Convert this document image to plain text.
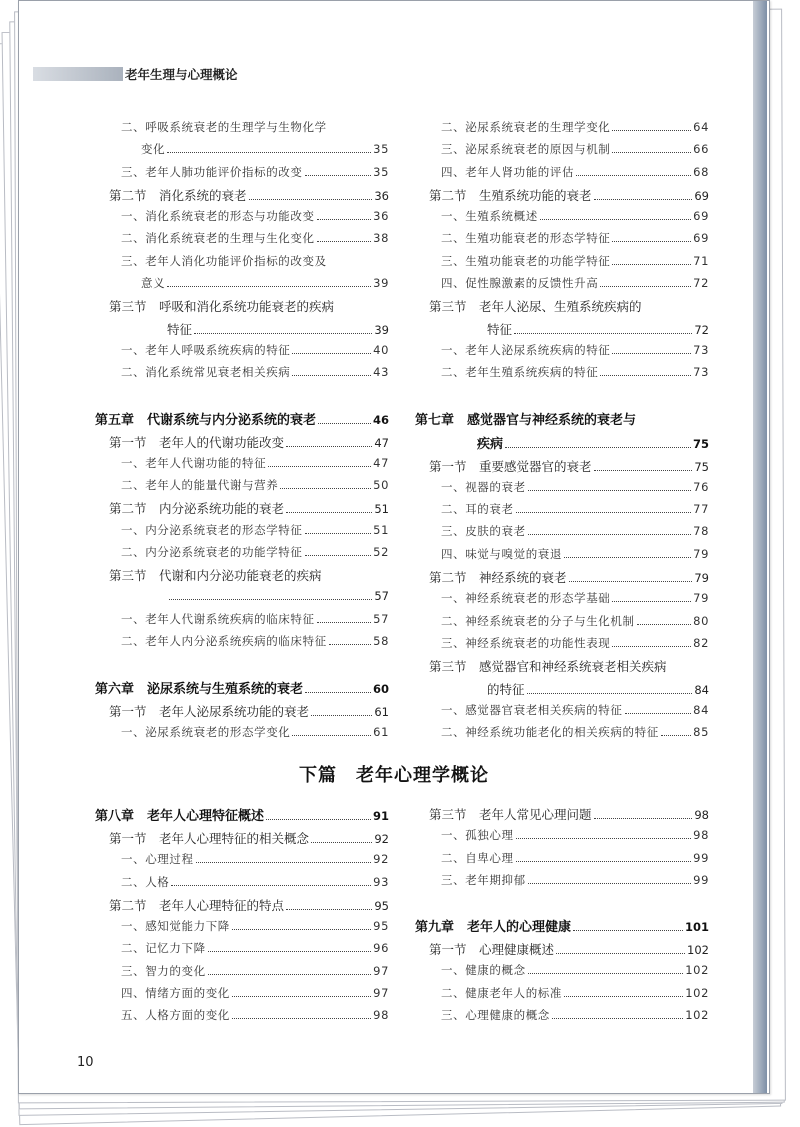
老年生理与心理概论
二、呼吸系统衰老的生理学与生物化学
变化	35
三、老年人肺功能评价指标的改变	35
第二节　消化系统的衰老	36
一、消化系统衰老的形态与功能改变	36
二、消化系统衰老的生理与生化变化	38
三、老年人消化功能评价指标的改变及
意义	39
第三节　呼吸和消化系统功能衰老的疾病
特征	39
一、老年人呼吸系统疾病的特征	40
二、消化系统常见衰老相关疾病	43
第五章　代谢系统与内分泌系统的衰老	46
第一节　老年人的代谢功能改变	47
一、老年人代谢功能的特征	47
二、老年人的能量代谢与营养	50
第二节　内分泌系统功能的衰老	51
一、内分泌系统衰老的形态学特征	51
二、内分泌系统衰老的功能学特征	52
第三节　代谢和内分泌功能衰老的疾病
57
一、老年人代谢系统疾病的临床特征	57
二、老年人内分泌系统疾病的临床特征	58
第六章　泌尿系统与生殖系统的衰老	60
第一节　老年人泌尿系统功能的衰老	61
一、泌尿系统衰老的形态学变化	61
二、泌尿系统衰老的生理学变化	64
三、泌尿系统衰老的原因与机制	66
四、老年人肾功能的评估	68
第二节　生殖系统功能的衰老	69
一、生殖系统概述	69
二、生殖功能衰老的形态学特征	69
三、生殖功能衰老的功能学特征	71
四、促性腺激素的反馈性升高	72
第三节　老年人泌尿、生殖系统疾病的
特征	72
一、老年人泌尿系统疾病的特征	73
二、老年生殖系统疾病的特征	73
第七章　感觉器官与神经系统的衰老与
疾病	75
第一节　重要感觉器官的衰老	75
一、视器的衰老	76
二、耳的衰老	77
三、皮肤的衰老	78
四、味觉与嗅觉的衰退	79
第二节　神经系统的衰老	79
一、神经系统衰老的形态学基础	79
二、神经系统衰老的分子与生化机制	80
三、神经系统衰老的功能性表现	82
第三节　感觉器官和神经系统衰老相关疾病
的特征	84
一、感觉器官衰老相关疾病的特征	84
二、神经系统功能老化的相关疾病的特征	85
下篇　老年心理学概论
第八章　老年人心理特征概述	91
第一节　老年人心理特征的相关概念	92
一、心理过程	92
二、人格	93
第二节　老年人心理特征的特点	95
一、感知觉能力下降	95
二、记忆力下降	96
三、智力的变化	97
四、情绪方面的变化	97
五、人格方面的变化	98
第三节　老年人常见心理问题	98
一、孤独心理	98
二、自卑心理	99
三、老年期抑郁	99
第九章　老年人的心理健康	101
第一节　心理健康概述	102
一、健康的概念	102
二、健康老年人的标准	102
三、心理健康的概念	102
10
